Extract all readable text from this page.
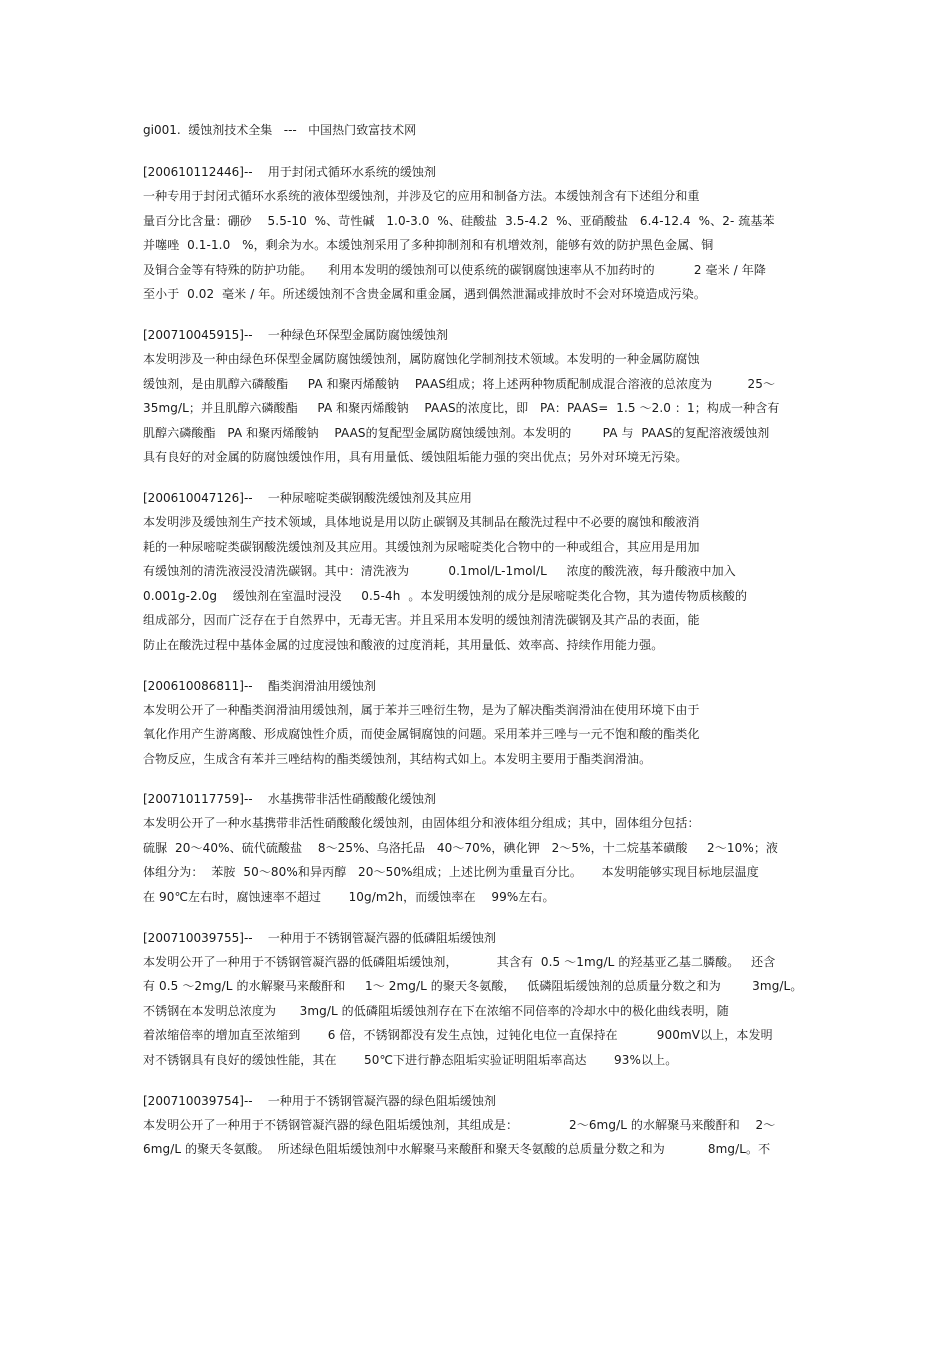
gi001.  缓蚀剂技术全集   ---   中国热门致富技术网
[200610112446]--    用于封闭式循环水系统的缓蚀剂
一种专用于封闭式循环水系统的液体型缓蚀剂，并涉及它的应用和制备方法。本缓蚀剂含有下述组分和重
量百分比含量：硼砂    5.5-10  %、苛性碱   1.0-3.0  %、硅酸盐  3.5-4.2  %、亚硝酸盐   6.4-12.4  %、2- 巯基苯
并噻唑  0.1-1.0   %，剩余为水。本缓蚀剂采用了多种抑制剂和有机增效剂，能够有效的防护黑色金属、铜
及铜合金等有特殊的防护功能。    利用本发明的缓蚀剂可以使系统的碳钢腐蚀速率从不加药时的          2 毫米 / 年降
至小于  0.02  毫米 / 年。所述缓蚀剂不含贵金属和重金属，遇到偶然泄漏或排放时不会对环境造成污染。
[200710045915]--    一种绿色环保型金属防腐蚀缓蚀剂
本发明涉及一种由绿色环保型金属防腐蚀缓蚀剂，属防腐蚀化学制剂技术领域。本发明的一种金属防腐蚀
缓蚀剂，是由肌醇六磷酸酯     PA 和聚丙烯酸钠    PAAS组成；将上述两种物质配制成混合溶液的总浓度为         25～
35mg/L；并且肌醇六磷酸酯     PA 和聚丙烯酸钠    PAAS的浓度比，即   PA：PAAS=  1.5 ～2.0 ：1；构成一种含有
肌醇六磷酸酯   PA 和聚丙烯酸钠    PAAS的复配型金属防腐蚀缓蚀剂。本发明的        PA 与  PAAS的复配溶液缓蚀剂
具有良好的对金属的防腐蚀缓蚀作用，具有用量低、缓蚀阻垢能力强的突出优点；另外对环境无污染。
[200610047126]--    一种尿嘧啶类碳钢酸洗缓蚀剂及其应用
本发明涉及缓蚀剂生产技术领域，具体地说是用以防止碳钢及其制品在酸洗过程中不必要的腐蚀和酸液消
耗的一种尿嘧啶类碳钢酸洗缓蚀剂及其应用。其缓蚀剂为尿嘧啶类化合物中的一种或组合，其应用是用加
有缓蚀剂的清洗液浸没清洗碳钢。其中：清洗液为          0.1mol/L-1mol/L     浓度的酸洗液，每升酸液中加入
0.001g-2.0g    缓蚀剂在室温时浸没     0.5-4h  。本发明缓蚀剂的成分是尿嘧啶类化合物，其为遗传物质核酸的
组成部分，因而广泛存在于自然界中，无毒无害。并且采用本发明的缓蚀剂清洗碳钢及其产品的表面，能
防止在酸洗过程中基体金属的过度浸蚀和酸液的过度消耗，其用量低、效率高、持续作用能力强。
[200610086811]--    酯类润滑油用缓蚀剂
本发明公开了一种酯类润滑油用缓蚀剂，属于苯并三唑衍生物，是为了解决酯类润滑油在使用环境下由于
氧化作用产生游离酸、形成腐蚀性介质，而使金属铜腐蚀的问题。采用苯并三唑与一元不饱和酸的酯类化
合物反应，生成含有苯并三唑结构的酯类缓蚀剂，其结构式如上。本发明主要用于酯类润滑油。
[200710117759]--    水基携带非活性硝酸酸化缓蚀剂
本发明公开了一种水基携带非活性硝酸酸化缓蚀剂，由固体组分和液体组分组成；其中，固体组分包括：
硫脲  20～40%、硫代硫酸盐    8～25%、乌洛托品   40～70%，碘化钾   2～5%，十二烷基苯磺酸     2～10%；液
体组分为：  苯胺  50～80%和异丙醇   20～50%组成；上述比例为重量百分比。     本发明能够实现目标地层温度
在 90℃左右时，腐蚀速率不超过       10g/m2h，而缓蚀率在    99%左右。
[200710039755]--    一种用于不锈钢管凝汽器的低磷阻垢缓蚀剂
本发明公开了一种用于不锈钢管凝汽器的低磷阻垢缓蚀剂，          其含有  0.5 ～1mg/L 的羟基亚乙基二膦酸。   还含
有 0.5 ～2mg/L 的水解聚马来酸酐和     1～ 2mg/L 的聚天冬氨酸，   低磷阻垢缓蚀剂的总质量分数之和为        3mg/L。
不锈钢在本发明总浓度为      3mg/L 的低磷阻垢缓蚀剂存在下在浓缩不同倍率的冷却水中的极化曲线表明，随
着浓缩倍率的增加直至浓缩到       6 倍，不锈钢都没有发生点蚀，过钝化电位一直保持在          900mV以上，本发明
对不锈钢具有良好的缓蚀性能，其在       50℃下进行静态阻垢实验证明阻垢率高达       93%以上。
[200710039754]--    一种用于不锈钢管凝汽器的绿色阻垢缓蚀剂
本发明公开了一种用于不锈钢管凝汽器的绿色阻垢缓蚀剂，其组成是：             2～6mg/L 的水解聚马来酸酐和    2～
6mg/L 的聚天冬氨酸。  所述绿色阻垢缓蚀剂中水解聚马来酸酐和聚天冬氨酸的总质量分数之和为           8mg/L。不
